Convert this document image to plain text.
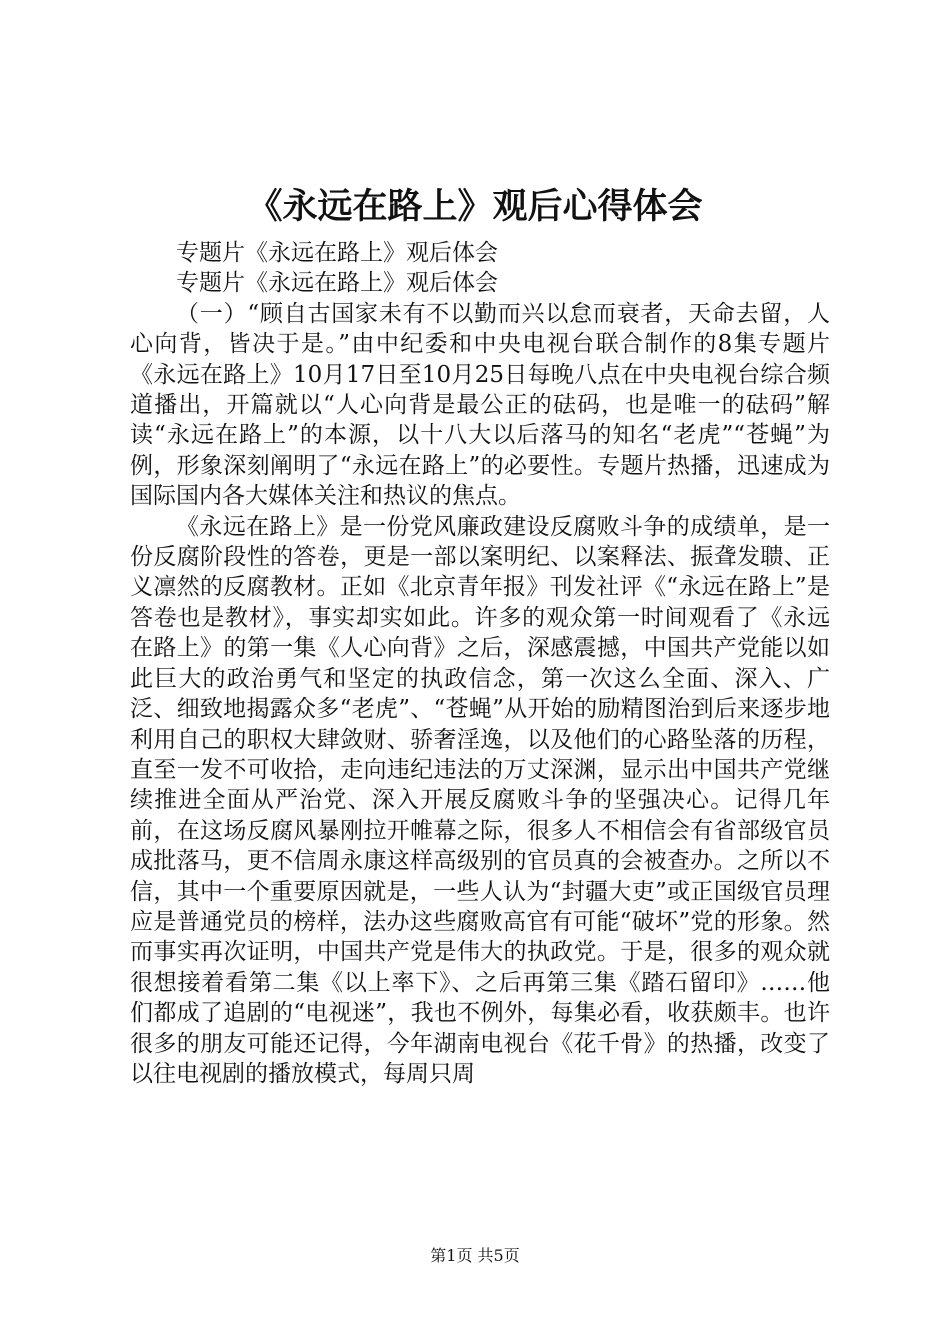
《永远在路上》观后心得体会

专题片《永远在路上》观后体会

专题片《永远在路上》观后体会

（一）“顾自古国家未有不以勤而兴以怠而衰者，天命去留，人心向背，皆决于是。”由中纪委和中央电视台联合制作的8集专题片《永远在路上》10月17日至10月25日每晚八点在中央电视台综合频道播出，开篇就以“人心向背是最公正的砝码，也是唯一的砝码”解读“永远在路上”的本源，以十八大以后落马的知名“老虎”“苍蝇”为例，形象深刻阐明了“永远在路上”的必要性。专题片热播，迅速成为国际国内各大媒体关注和热议的焦点。

《永远在路上》是一份党风廉政建设反腐败斗争的成绩单，是一份反腐阶段性的答卷，更是一部以案明纪、以案释法、振聋发聩、正义凛然的反腐教材。正如《北京青年报》刊发社评《“永远在路上”是答卷也是教材》，事实却实如此。许多的观众第一时间观看了《永远在路上》的第一集《人心向背》之后，深感震撼，中国共产党能以如此巨大的政治勇气和坚定的执政信念，第一次这么全面、深入、广泛、细致地揭露众多“老虎”、“苍蝇”从开始的励精图治到后来逐步地利用自己的职权大肆敛财、骄奢淫逸，以及他们的心路坠落的历程，直至一发不可收拾，走向违纪违法的万丈深渊，显示出中国共产党继续推进全面从严治党、深入开展反腐败斗争的坚强决心。记得几年前，在这场反腐风暴刚拉开帷幕之际，很多人不相信会有省部级官员成批落马，更不信周永康这样高级别的官员真的会被查办。之所以不信，其中一个重要原因就是，一些人认为“封疆大吏”或正国级官员理应是普通党员的榜样，法办这些腐败高官有可能“破坏”党的形象。然而事实再次证明，中国共产党是伟大的执政党。于是，很多的观众就很想接着看第二集《以上率下》、之后再第三集《踏石留印》……他们都成了追剧的“电视迷”，我也不例外，每集必看，收获颇丰。也许很多的朋友可能还记得，今年湖南电视台《花千骨》的热播，改变了以往电视剧的播放模式，每周只周

第1页 共5页
